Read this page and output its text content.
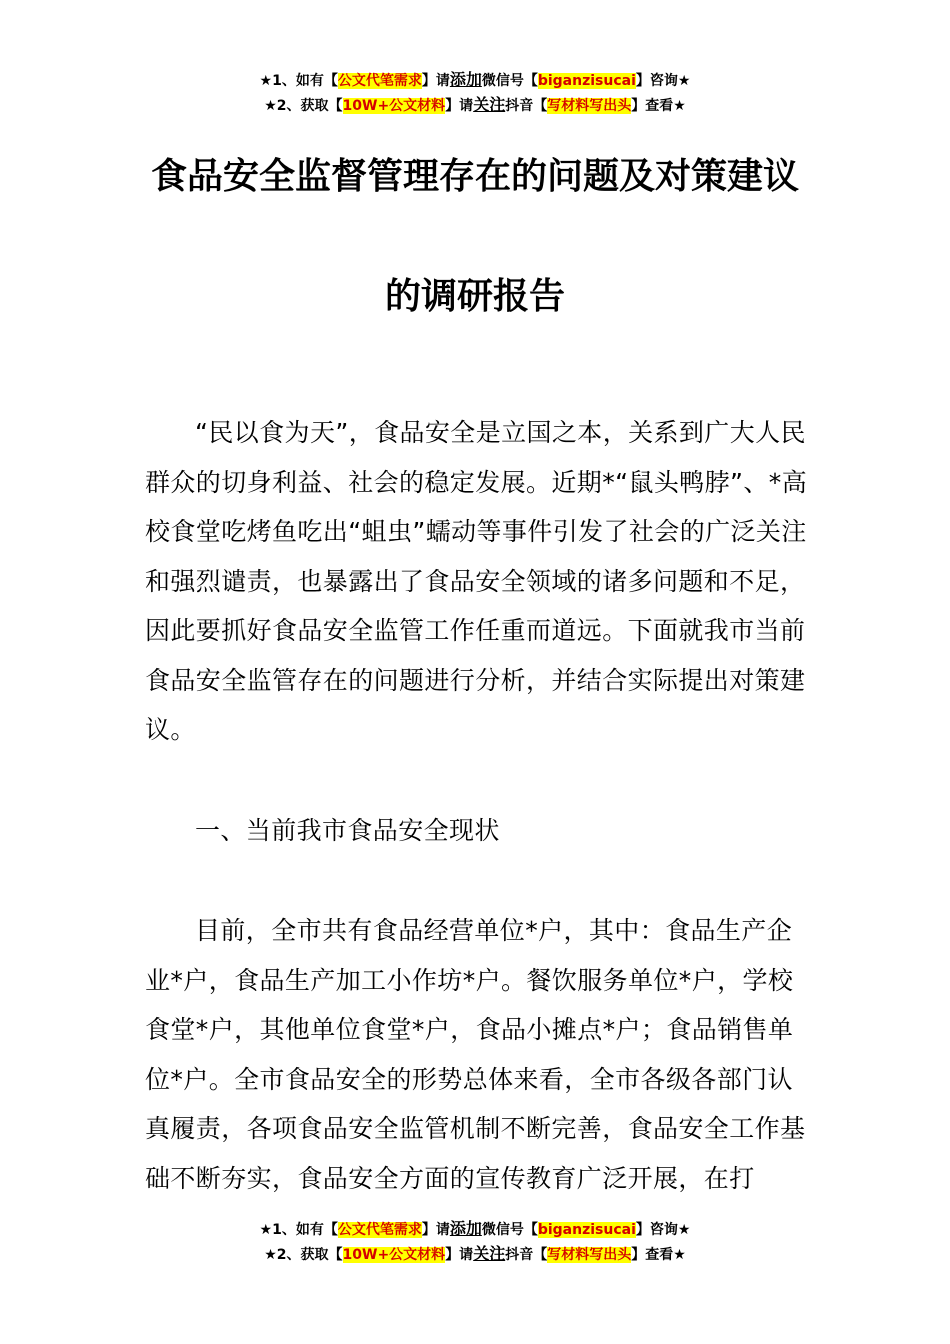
★1、如有【公文代笔需求】请添加微信号【biganzisucai】咨询★
★2、获取【10W+公文材料】请关注抖音【写材料写出头】查看★
食品安全监督管理存在的问题及对策建议
的调研报告
“民以食为天”，食品安全是立国之本，关系到广大人民群众的切身利益、社会的稳定发展。近期*“鼠头鸭脖”、*高校食堂吃烤鱼吃出“蛆虫”蠕动等事件引发了社会的广泛关注和强烈谴责，也暴露出了食品安全领域的诸多问题和不足，因此要抓好食品安全监管工作任重而道远。下面就我市当前食品安全监管存在的问题进行分析，并结合实际提出对策建议。
一、当前我市食品安全现状
目前，全市共有食品经营单位*户，其中：食品生产企业*户，食品生产加工小作坊*户。餐饮服务单位*户，学校食堂*户，其他单位食堂*户，食品小摊点*户；食品销售单位*户。全市食品安全的形势总体来看，全市各级各部门认真履责，各项食品安全监管机制不断完善，食品安全工作基础不断夯实，食品安全方面的宣传教育广泛开展，在打
★1、如有【公文代笔需求】请添加微信号【biganzisucai】咨询★
★2、获取【10W+公文材料】请关注抖音【写材料写出头】查看★
